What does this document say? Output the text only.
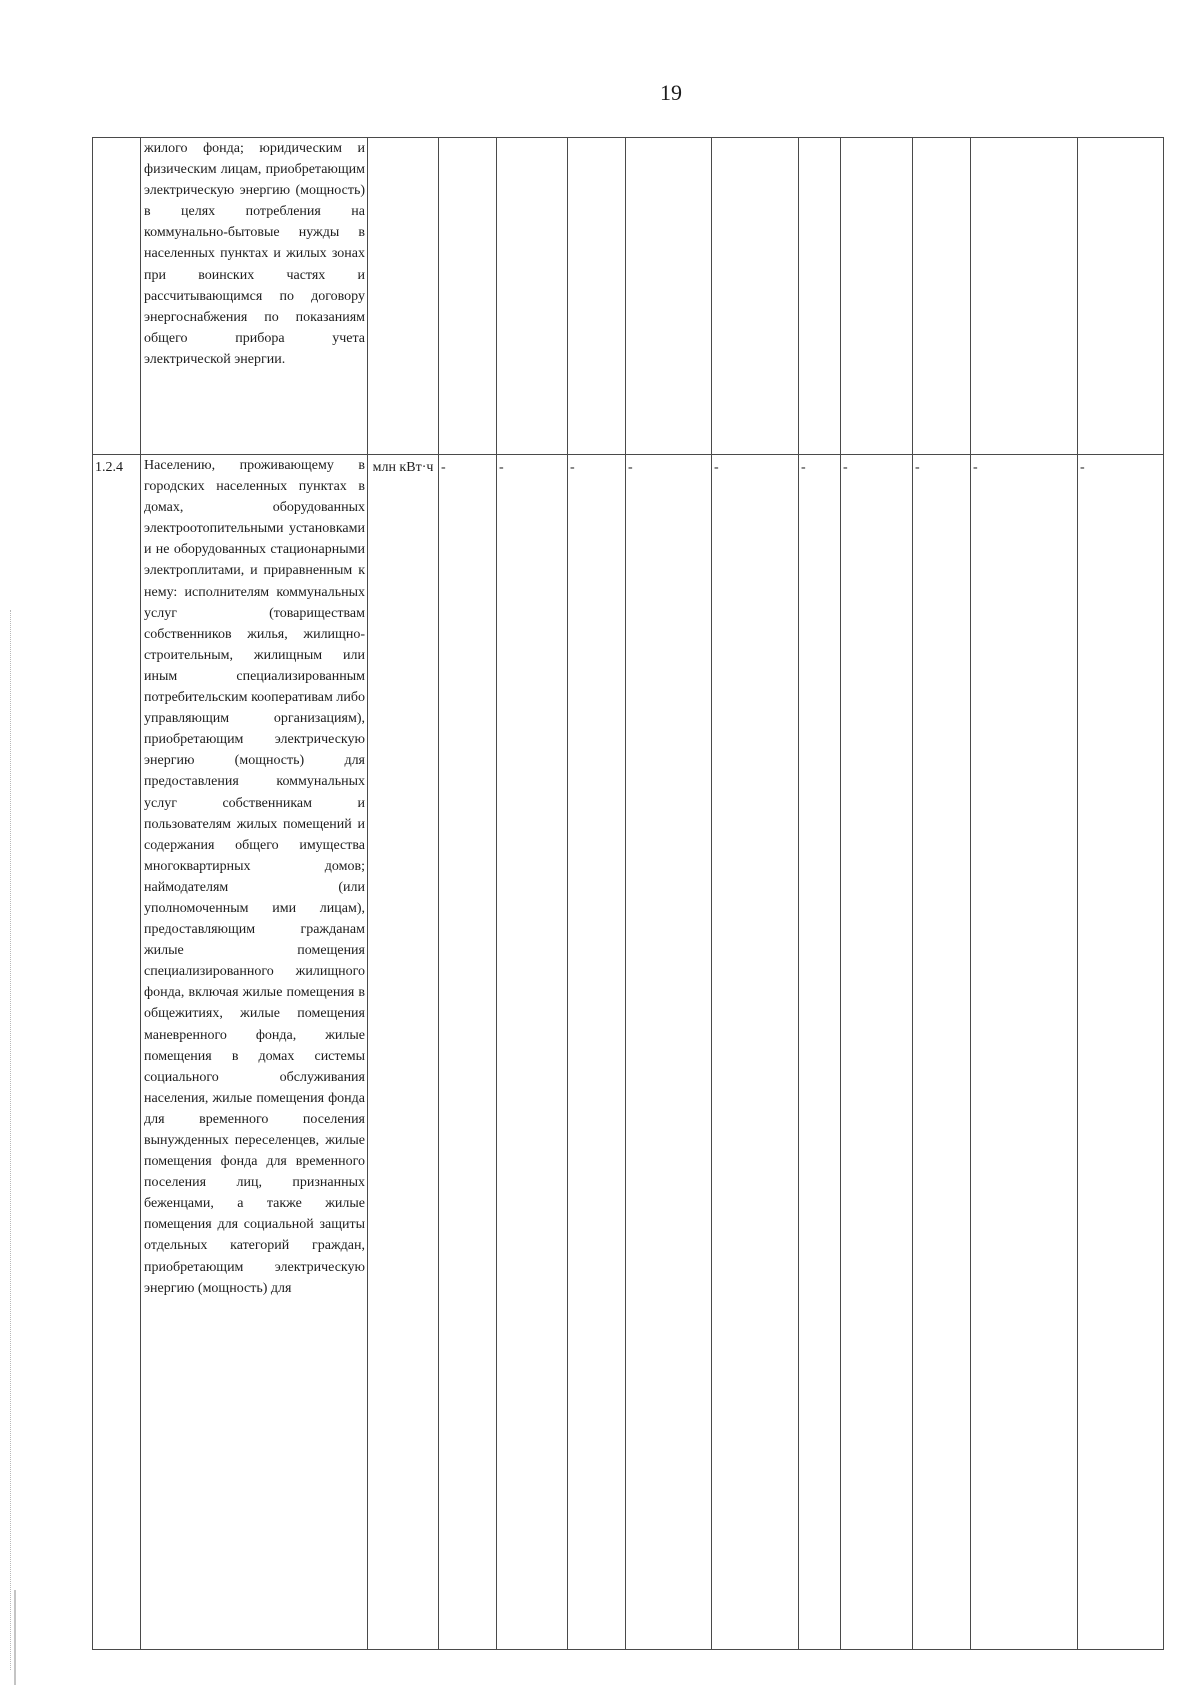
19
	жилого фонда; юридическим и физическим лицам, приобретающим электрическую энергию (мощность) в целях потребления на коммунально-бытовые нужды в населенных пунктах и жилых зонах при воинских частях и рассчитывающимся по договору энергоснабжения по показаниям общего прибора учета электрической энергии.											
1.2.4	Населению, проживающему в городских населенных пунктах в домах, оборудованных электроотопительными установками и не оборудованных стационарными электроплитами, и приравненным к нему: исполнителям коммунальных услуг (товариществам собственников жилья, жилищно-строительным, жилищным или иным специализированным потребительским кооперативам либо управляющим организациям), приобретающим электрическую энергию (мощность) для предоставления коммунальных услуг собственникам и пользователям жилых помещений и содержания общего имущества многоквартирных домов; наймодателям (или уполномоченным ими лицам), предоставляющим гражданам жилые помещения специализированного жилищного фонда, включая жилые помещения в общежитиях, жилые помещения маневренного фонда, жилые помещения в домах системы социального обслуживания населения, жилые помещения фонда для временного поселения вынужденных переселенцев, жилые помещения фонда для временного поселения лиц, признанных беженцами, а также жилые помещения для социальной защиты отдельных категорий граждан, приобретающим электрическую энергию (мощность) для	млн кВт·ч	-	-	-	-	-	-	-	-	-	-
